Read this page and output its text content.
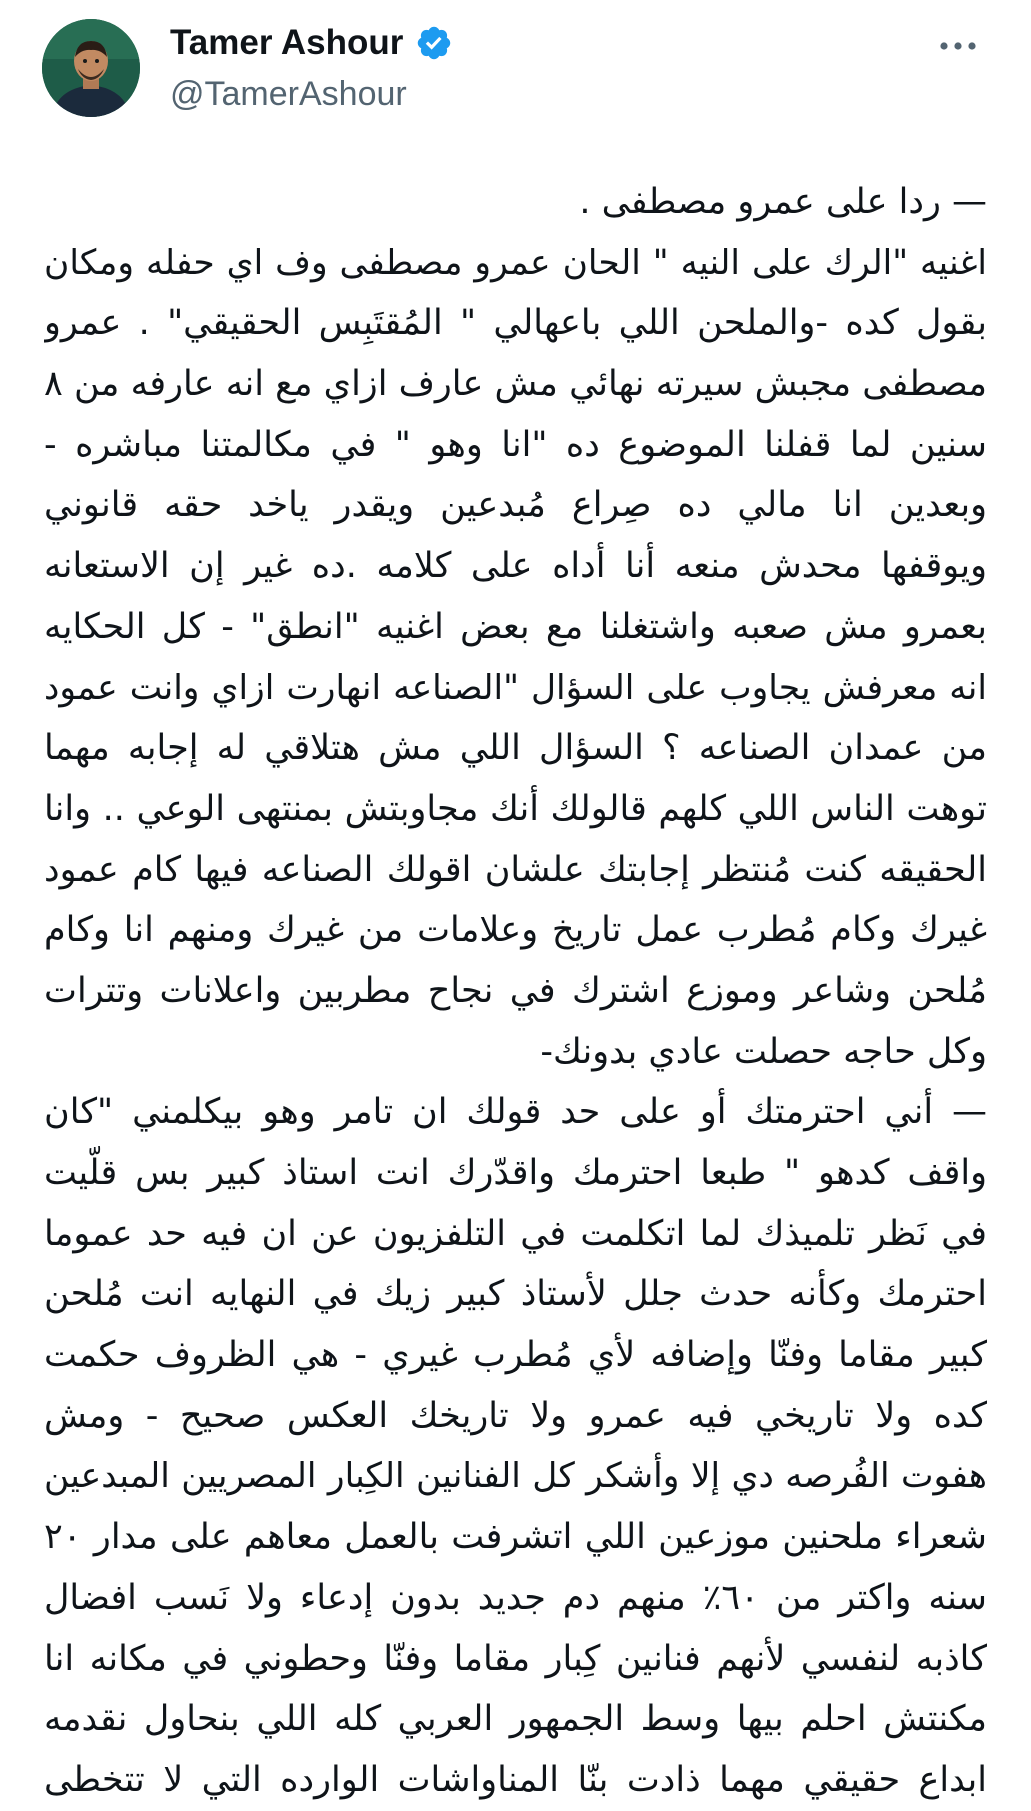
Tamer Ashour
@TamerAshour
— ردا على عمرو مصطفى .
اغنيه "الرك على النيه " الحان عمرو مصطفى وف اي حفله ومكان
بقول كده -والملحن اللي باعهالي " المُقتَبِس الحقيقي" . عمرو
مصطفى مجبش سيرته نهائي مش عارف ازاي مع انه عارفه من ٨
سنين لما قفلنا الموضوع ده "انا وهو " في مكالمتنا مباشره -
وبعدين انا مالي ده صِراع مُبدعين ويقدر ياخد حقه قانوني
ويوقفها محدش منعه أنا أداه على كلامه .ده غير إن الاستعانه
بعمرو مش صعبه واشتغلنا مع بعض اغنيه "انطق" - كل الحكايه
انه معرفش يجاوب على السؤال "الصناعه انهارت ازاي وانت عمود
من عمدان الصناعه ؟ السؤال اللي مش هتلاقي له إجابه مهما
توهت الناس اللي كلهم قالولك أنك مجاوبتش بمنتهى الوعي .. وانا
الحقيقه كنت مُنتظر إجابتك علشان اقولك الصناعه فيها كام عمود
غيرك وكام مُطرب عمل تاريخ وعلامات من غيرك ومنهم انا وكام
مُلحن وشاعر وموزع اشترك في نجاح مطربين واعلانات وتترات
وكل حاجه حصلت عادي بدونك-
— أني احترمتك أو على حد قولك ان تامر وهو بيكلمني "كان
واقف كدهو " طبعا احترمك واقدّرك انت استاذ كبير بس قلّيت
في نَظر تلميذك لما اتكلمت في التلفزيون عن ان فيه حد عموما
احترمك وكأنه حدث جلل لأستاذ كبير زيك في النهايه انت مُلحن
كبير مقاما وفنّا وإضافه لأي مُطرب غيري - هي الظروف حكمت
كده ولا تاريخي فيه عمرو ولا تاريخك العكس صحيح - ومش
هفوت الفُرصه دي إلا وأشكر كل الفنانين الكِبار المصريين المبدعين
شعراء ملحنين موزعين اللي اتشرفت بالعمل معاهم على مدار ٢٠
سنه واكتر من ٦٠٪ منهم دم جديد بدون إدعاء ولا نَسب افضال
كاذبه لنفسي لأنهم فنانين كِبار مقاما وفنّا وحطوني في مكانه انا
مكنتش احلم بيها وسط الجمهور العربي كله اللي بنحاول نقدمه
ابداع حقيقي مهما ذادت بنّا المناواشات الوارده التي لا تتخطى
